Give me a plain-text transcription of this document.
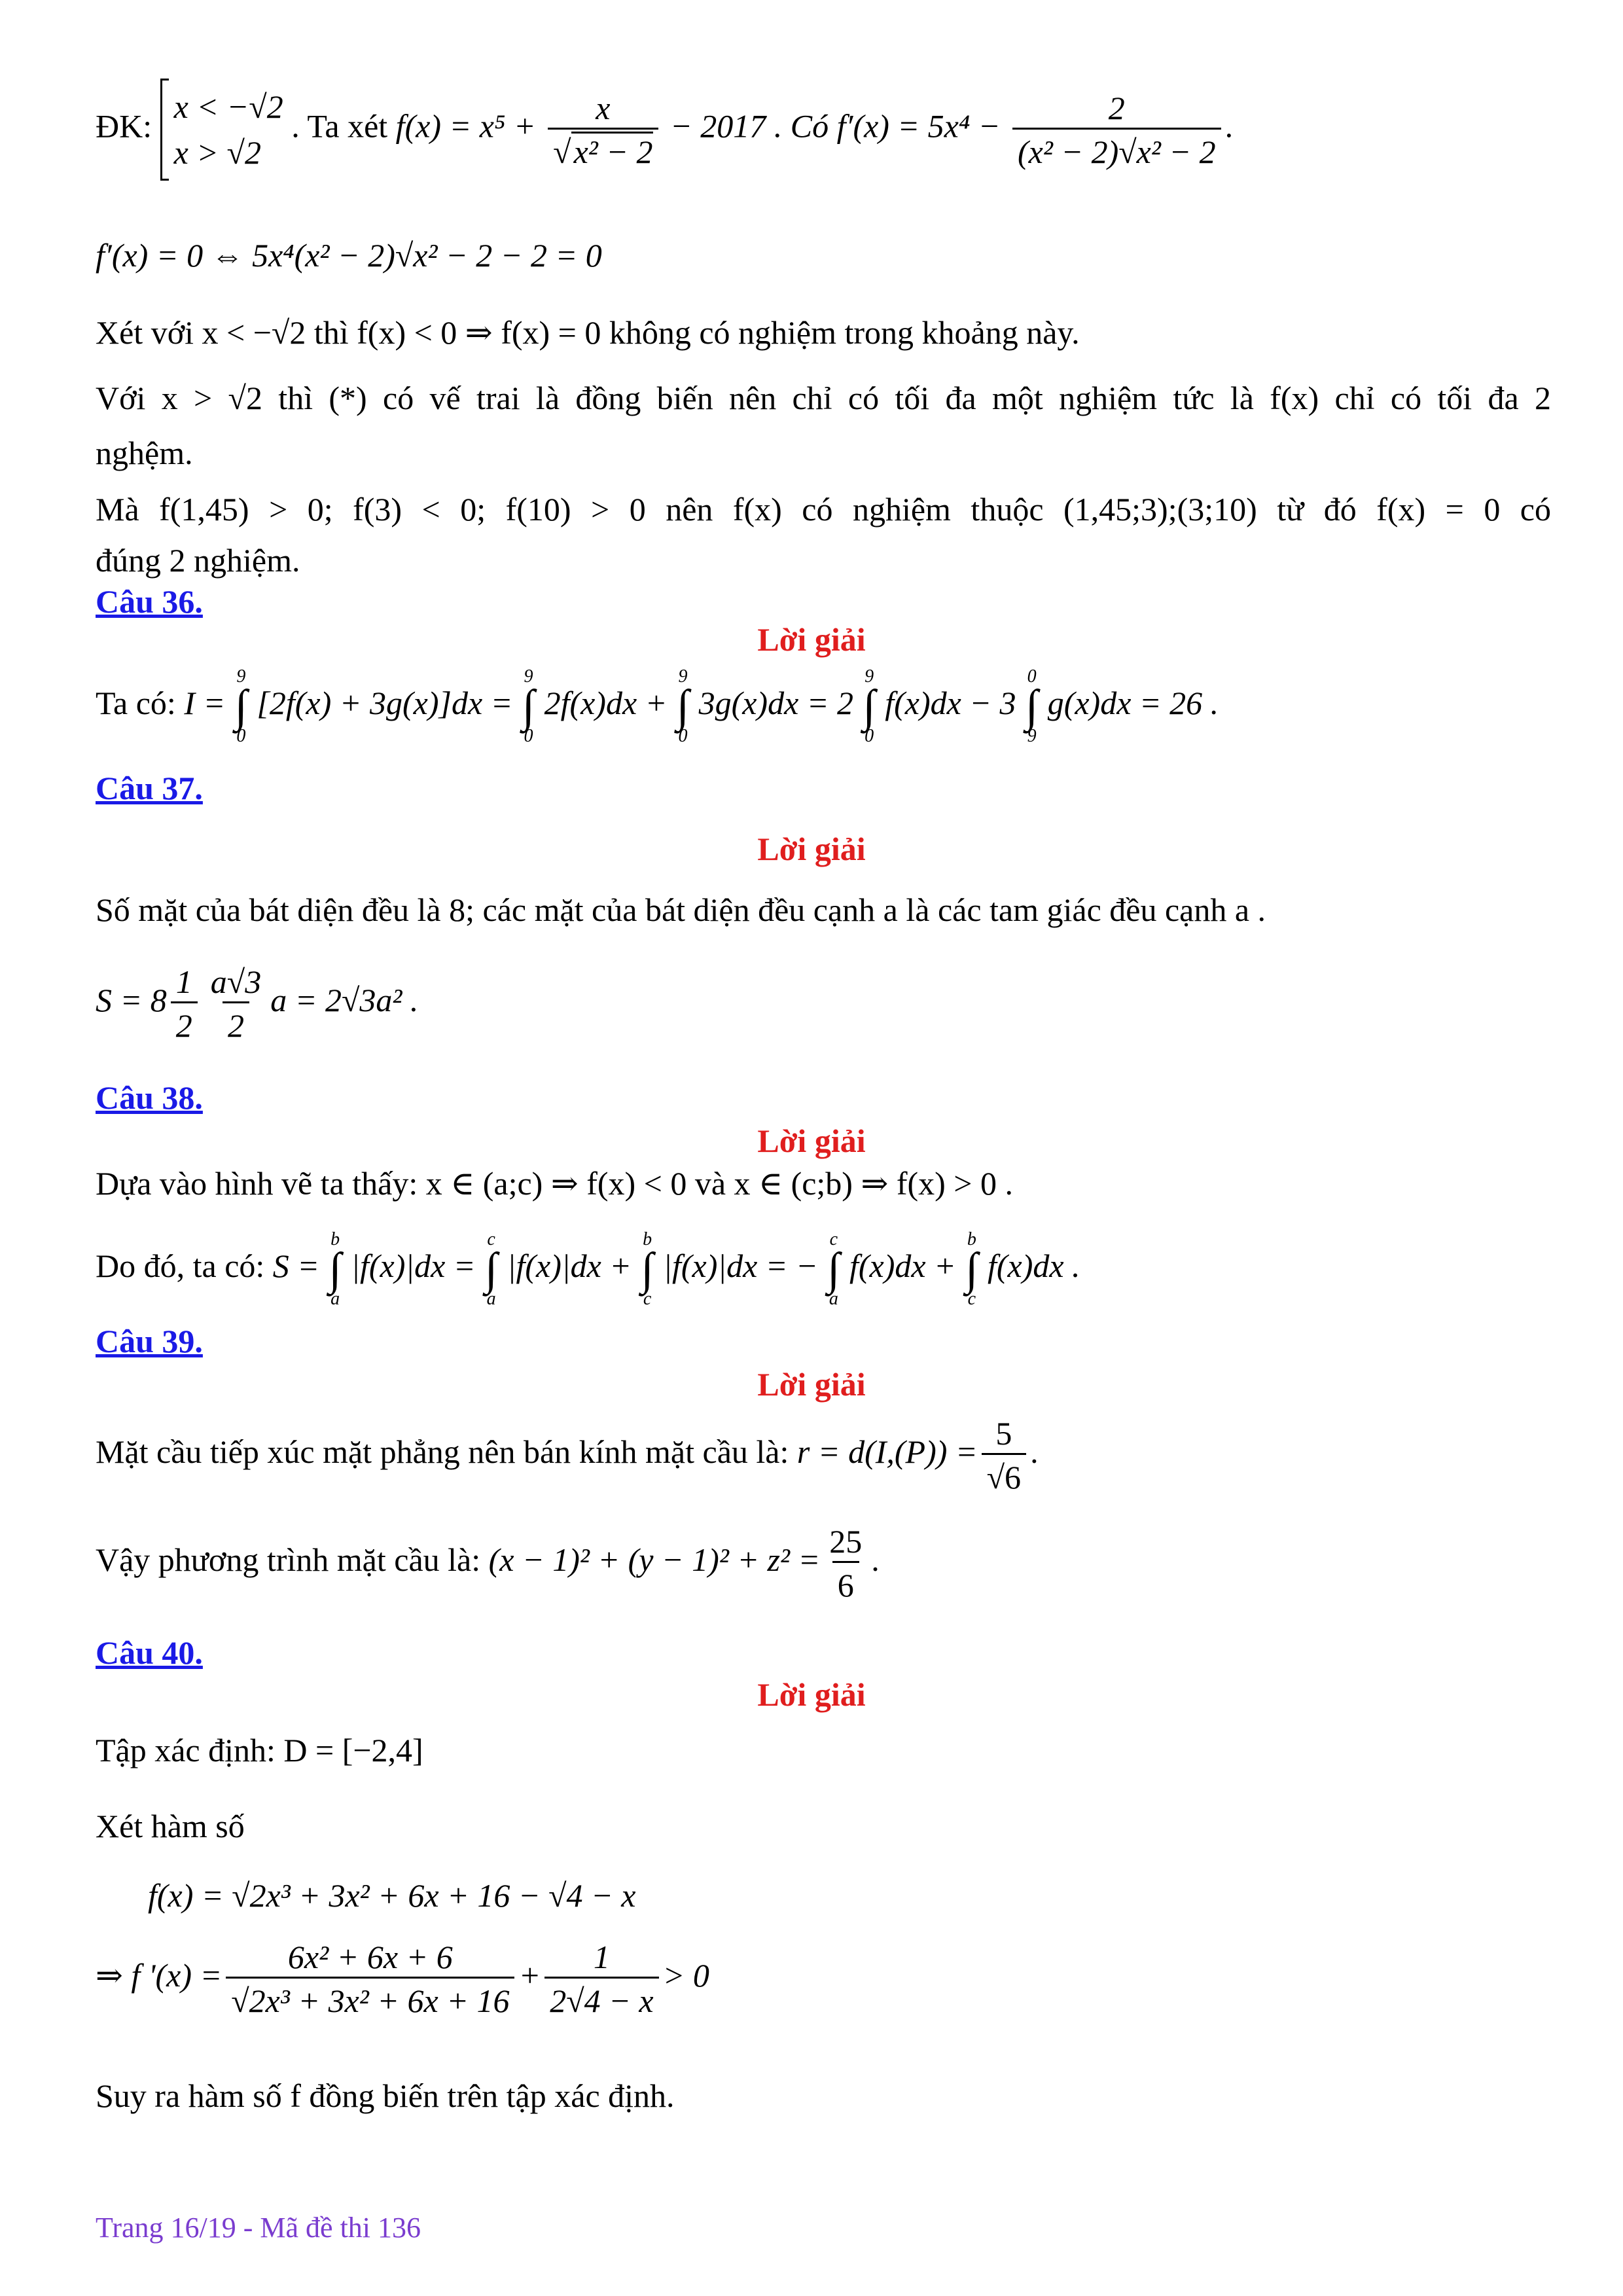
ĐK:
x < −√2
x > √2
. Ta xét $f(x) = x^5 + \frac{x}{\text{√x² − 2}} - 2017$ . Có $f'(x) = 5x^4 - \frac{2}{\text{(x² − 2)√x² − 2}}$ .
f′(x) = 0 ⇔ 5x⁴(x² − 2)√x² − 2 − 2 = 0
Xét với x < −√2 thì f(x) < 0 ⇒ f(x) = 0 không có nghiệm trong khoảng này.
Với x > √2 thì (*) có vế trai là đồng biến nên chỉ có tối đa một nghiệm tức là f(x) chỉ có tối đa 2
nghệm.
Mà f(1,45) > 0; f(3) < 0; f(10) > 0 nên f(x) có nghiệm thuộc (1,45;3);(3;10) từ đó f(x) = 0 có
đúng 2 nghiệm.
Câu 36.
Lời giải
Ta có: I =
9
∫
0
[2f(x) + 3g(x)]dx =
9
∫
0
2f(x)dx +
9
∫
0
3g(x)dx = 2
9
∫
0
f(x)dx − 3
0
∫
9
g(x)dx = 26 .
Câu 37.
Lời giải
Số mặt của bát diện đều là 8; các mặt của bát diện đều cạnh a là các tam giác đều cạnh a .
$S = 8 \frac{1}{2} \frac{a√3}{2}$ a = 2√3a² .
Câu 38.
Lời giải
Dựa vào hình vẽ ta thấy: x ∈ (a;c) ⇒ f(x) < 0 và x ∈ (c;b) ⇒ f(x) > 0 .
Do đó, ta có: S =
b
∫
a
|f(x)|dx =
c
∫
a
|f(x)|dx +
b
∫
c
|f(x)|dx = −
c
∫
a
f(x)dx +
b
∫
c
f(x)dx .
Câu 39.
Lời giải
Mặt cầu tiếp xúc mặt phẳng nên bán kính mặt cầu là: $r = d(I,(P)) = \frac{5}{√6}$ .
Vậy phương trình mặt cầu là: $(x - 1)^2 + (y - 1)^2 + z^2 = \frac{25}{6}$ .
Câu 40.
Lời giải
Tập xác định: D = [−2,4]
Xét hàm số
f(x) = √2x³ + 3x² + 6x + 16 − √4 − x
⇒ f '$(x) = \frac{\text{6x² + 6x + 6}}{\text{√2x³ + 3x² + 6x + 16}} + \frac{1}{2√4 - x} > 0$
Suy ra hàm số f đồng biến trên tập xác định.
Trang 16/19 - Mã đề thi 136
